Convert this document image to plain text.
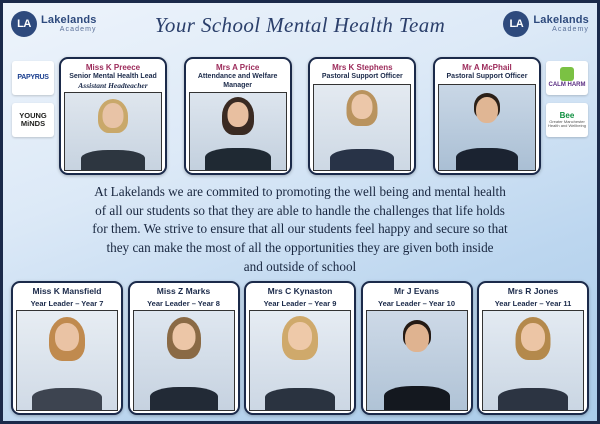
LA Lakelands
Academy	Your School Mental Health Team	LA Lakelands
Academy
PAPYRUS
YOUNG
MiNDS
CALM HARM
Bee
Greater Manchester Health and Wellbeing
Miss K Preece
Senior Mental Health Lead
Assistant Headteacher
Mrs A Price
Attendance and Welfare Manager
Mrs K Stephens
Pastoral Support Officer
Mr A McPhail
Pastoral Support Officer
At Lakelands we are commited to promoting the well being and mental health
of all our students so that they are able to handle the challenges that life holds
for them. We strive to ensure that all our students feel happy and secure so that
they can make the most of all the opportunities they are given both inside
and outside of school
Miss K Mansfield
Year Leader – Year 7
Miss Z Marks
Year Leader – Year 8
Mrs C Kynaston
Year Leader – Year 9
Mr J Evans
Year Leader – Year 10
Mrs R Jones
Year Leader – Year 11
